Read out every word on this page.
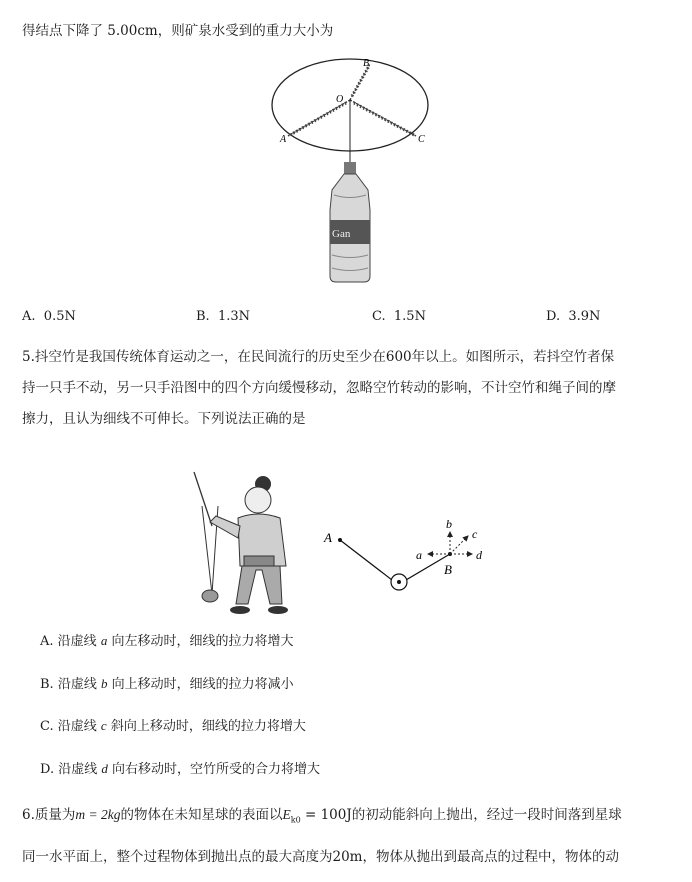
得结点下降了 5.00cm，则矿泉水受到的重力大小为
B
O
A	C
Gan
A. 0.5N	B. 1.3N	C. 1.5N	D. 3.9N
5.抖空竹是我国传统体育运动之一，在民间流行的历史至少在600年以上。如图所示，若抖空竹者保
持一只手不动，另一只手沿图中的四个方向缓慢移动，忽略空竹转动的影响，不计空竹和绳子间的摩
擦力，且认为细线不可伸长。下列说法正确的是
A
B
a
b
c
d
A. 沿虚线 a 向左移动时，细线的拉力将增大
B. 沿虚线 b 向上移动时，细线的拉力将减小
C. 沿虚线 c 斜向上移动时，细线的拉力将增大
D. 沿虚线 d 向右移动时，空竹所受的合力将增大
6.质量为m = 2kg的物体在未知星球的表面以$E_{k0} = 100J$的初动能斜向上抛出，经过一段时间落到星球
同一水平面上，整个过程物体到抛出点的最大高度为20m，物体从抛出到最高点的过程中，物体的动
